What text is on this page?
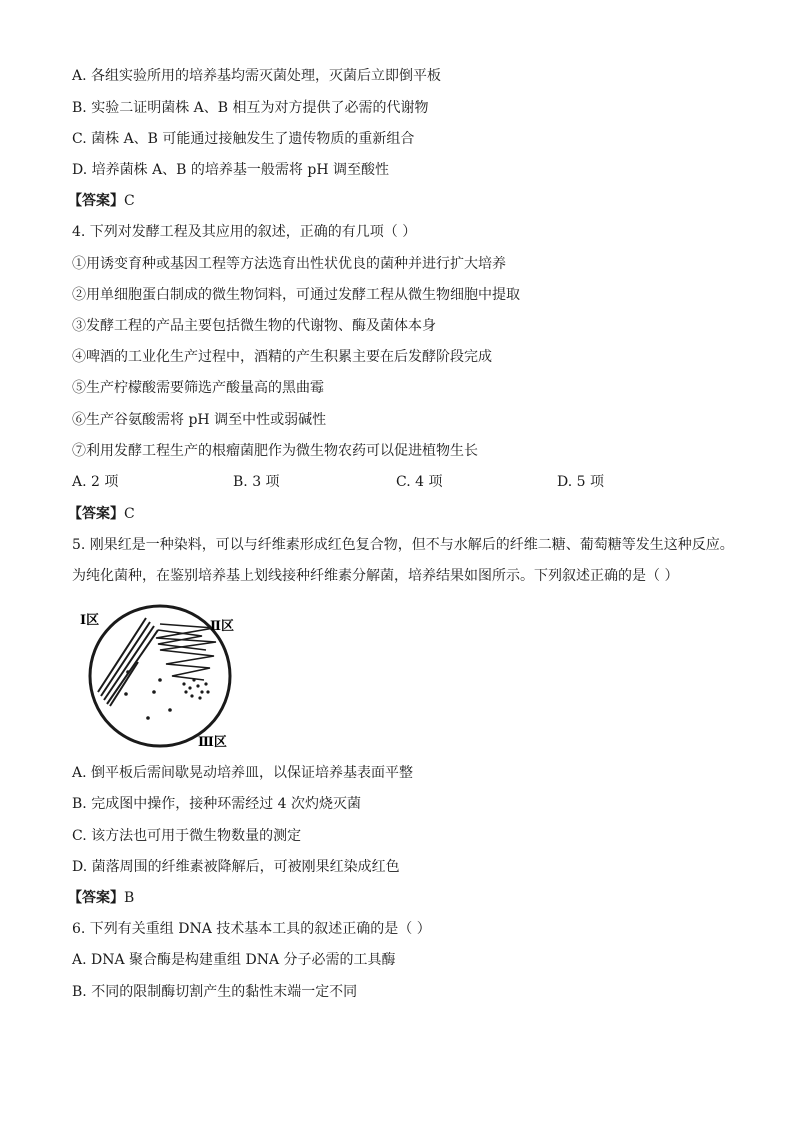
A. 各组实验所用的培养基均需灭菌处理，灭菌后立即倒平板
B. 实验二证明菌株 A、B 相互为对方提供了必需的代谢物
C. 菌株 A、B 可能通过接触发生了遗传物质的重新组合
D. 培养菌株 A、B 的培养基一般需将 pH 调至酸性
【答案】C
4. 下列对发酵工程及其应用的叙述，正确的有几项（ ）
①用诱变育种或基因工程等方法选育出性状优良的菌种并进行扩大培养
②用单细胞蛋白制成的微生物饲料，可通过发酵工程从微生物细胞中提取
③发酵工程的产品主要包括微生物的代谢物、酶及菌体本身
④啤酒的工业化生产过程中，酒精的产生积累主要在后发酵阶段完成
⑤生产柠檬酸需要筛选产酸量高的黑曲霉
⑥生产谷氨酸需将 pH 调至中性或弱碱性
⑦利用发酵工程生产的根瘤菌肥作为微生物农药可以促进植物生长
A. 2 项	B. 3 项	C. 4 项	D. 5 项
【答案】C
5. 刚果红是一种染料，可以与纤维素形成红色复合物，但不与水解后的纤维二糖、葡萄糖等发生这种反应。
为纯化菌种，在鉴别培养基上划线接种纤维素分解菌，培养结果如图所示。下列叙述正确的是（ ）
Ⅰ区	Ⅱ区
Ⅲ区
A. 倒平板后需间歇晃动培养皿，以保证培养基表面平整
B. 完成图中操作，接种环需经过 4 次灼烧灭菌
C. 该方法也可用于微生物数量的测定
D. 菌落周围的纤维素被降解后，可被刚果红染成红色
【答案】B
6. 下列有关重组 DNA 技术基本工具的叙述正确的是（ ）
A. DNA 聚合酶是构建重组 DNA 分子必需的工具酶
B. 不同的限制酶切割产生的黏性末端一定不同
